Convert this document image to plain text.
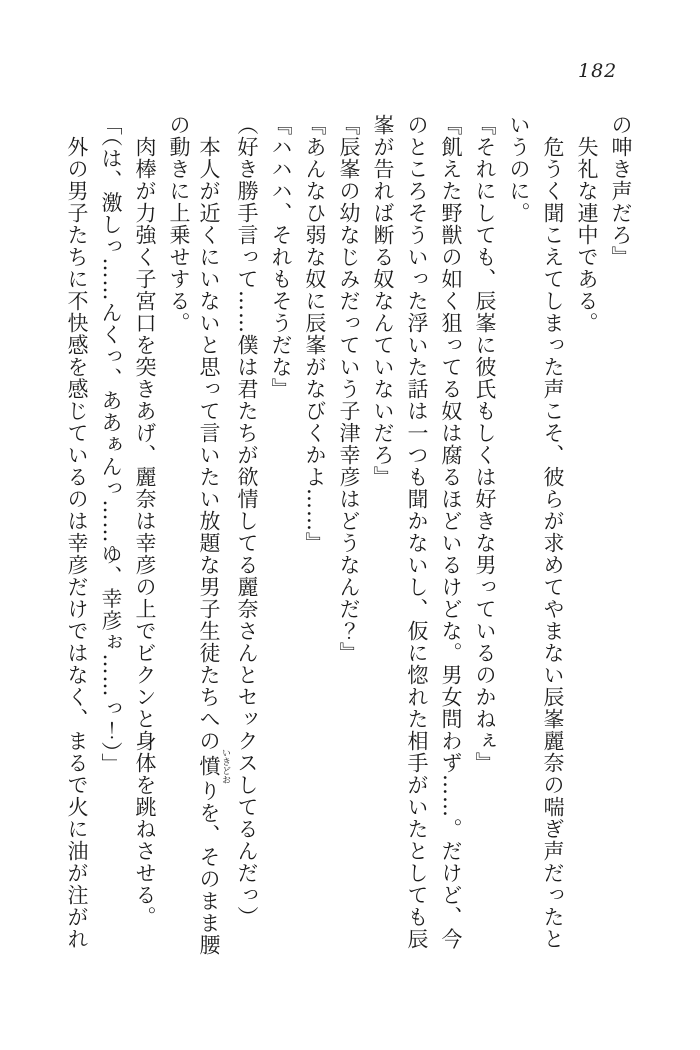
182
の呻き声だろ』
失礼な連中である。
危うく聞こえてしまった声こそ、彼らが求めてやまない辰峯麗奈の喘ぎ声だったと
いうのに。
『それにしても、辰峯に彼氏もしくは好きな男っているのかねぇ』
『飢えた野獣の如く狙ってる奴は腐るほどいるけどな。男女問わず……。だけど、今
のところそういった浮いた話は一つも聞かないし、仮に惚れた相手がいたとしても辰
峯が告れば断る奴なんていないだろ』
『辰峯の幼なじみだっていう子津幸彦はどうなんだ？』
『あんなひ弱な奴に辰峯がなびくかよ……』
『ハハハ、それもそうだな』
（好き勝手言って……僕は君たちが欲情してる麗奈さんとセックスしてるんだっ）
本人が近くにいないと思って言いたい放題な男子生徒たちへの憤 いきどおりを、そのまま腰
の動きに上乗せする。
肉棒が力強く子宮口を突きあげ、麗奈は幸彦の上でビクンと身体を跳ねさせる。
「（は、激しっ……んくっ、ああぁんっ……ゆ、幸彦ぉ……っ！）」
外の男子たちに不快感を感じているのは幸彦だけではなく、まるで火に油が注がれ
